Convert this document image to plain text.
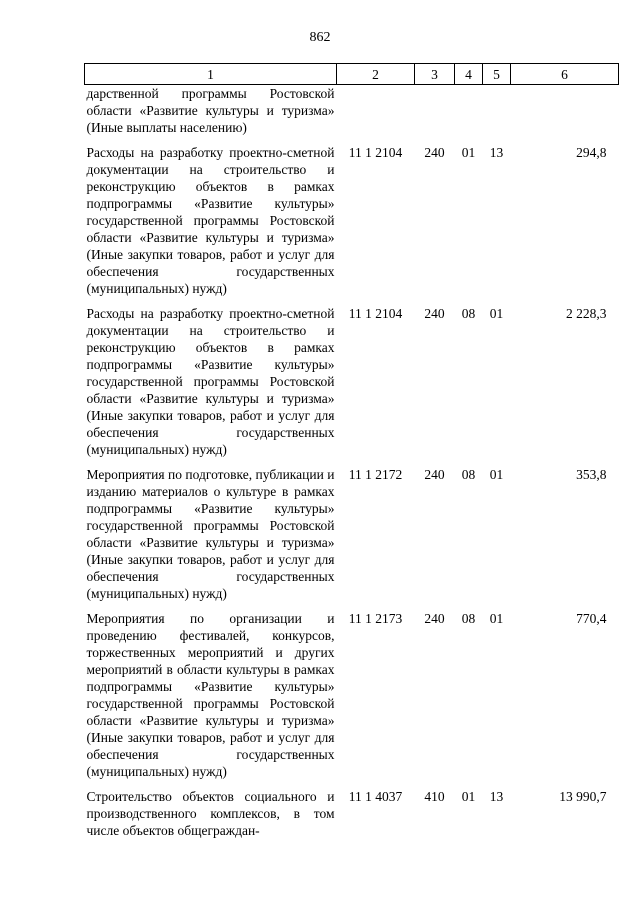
862
1	2	3	4	5	6
дарственной программы Ростовской области «Развитие культуры и туризма» (Иные выплаты населению)					
Расходы на разработку проектно-сметной документации на строительство и реконструкцию объектов в рамках подпрограммы «Развитие культуры» государственной программы Ростовской области «Развитие культуры и туризма» (Иные закупки товаров, работ и услуг для обеспечения государственных (муниципальных) нужд)	11 1 2104	240	01	13	294,8
Расходы на разработку проектно-сметной документации на строительство и реконструкцию объектов в рамках подпрограммы «Развитие культуры» государственной программы Ростовской области «Развитие культуры и туризма» (Иные закупки товаров, работ и услуг для обеспечения государственных (муниципальных) нужд)	11 1 2104	240	08	01	2 228,3
Мероприятия по подготовке, публикации и изданию материалов о культуре в рамках подпрограммы «Развитие культуры» государственной программы Ростовской области «Развитие культуры и туризма» (Иные закупки товаров, работ и услуг для обеспечения государственных (муниципальных) нужд)	11 1 2172	240	08	01	353,8
Мероприятия по организации и проведению фестивалей, конкурсов, торжественных мероприятий и других мероприятий в области культуры в рамках подпрограммы «Развитие культуры» государственной программы Ростовской области «Развитие культуры и туризма» (Иные закупки товаров, работ и услуг для обеспечения государственных (муниципальных) нужд)	11 1 2173	240	08	01	770,4
Строительство объектов социального и производственного комплексов, в том числе объектов общеграждан-	11 1 4037	410	01	13	13 990,7
